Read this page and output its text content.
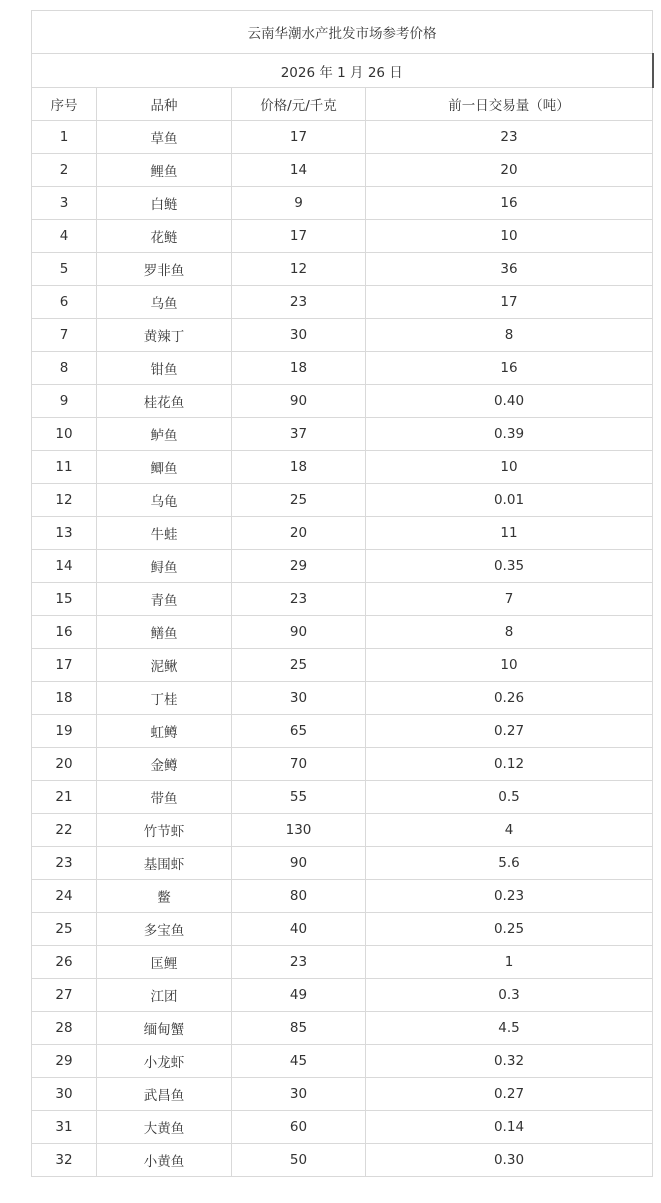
云南华潮水产批发市场参考价格			
2026 年 1 月 26 日			
序号	品种	价格/元/千克	前一日交易量（吨）
1	草鱼	17	23
2	鲤鱼	14	20
3	白鲢	9	16
4	花鲢	17	10
5	罗非鱼	12	36
6	乌鱼	23	17
7	黄辣丁	30	8
8	钳鱼	18	16
9	桂花鱼	90	0.40
10	鲈鱼	37	0.39
11	鲫鱼	18	10
12	乌龟	25	0.01
13	牛蛙	20	11
14	鲟鱼	29	0.35
15	青鱼	23	7
16	鳝鱼	90	8
17	泥鳅	25	10
18	丁桂	30	0.26
19	虹鳟	65	0.27
20	金鳟	70	0.12
21	带鱼	55	0.5
22	竹节虾	130	4
23	基围虾	90	5.6
24	鳖	80	0.23
25	多宝鱼	40	0.25
26	匡鲤	23	1
27	江团	49	0.3
28	缅甸蟹	85	4.5
29	小龙虾	45	0.32
30	武昌鱼	30	0.27
31	大黄鱼	60	0.14
32	小黄鱼	50	0.30
